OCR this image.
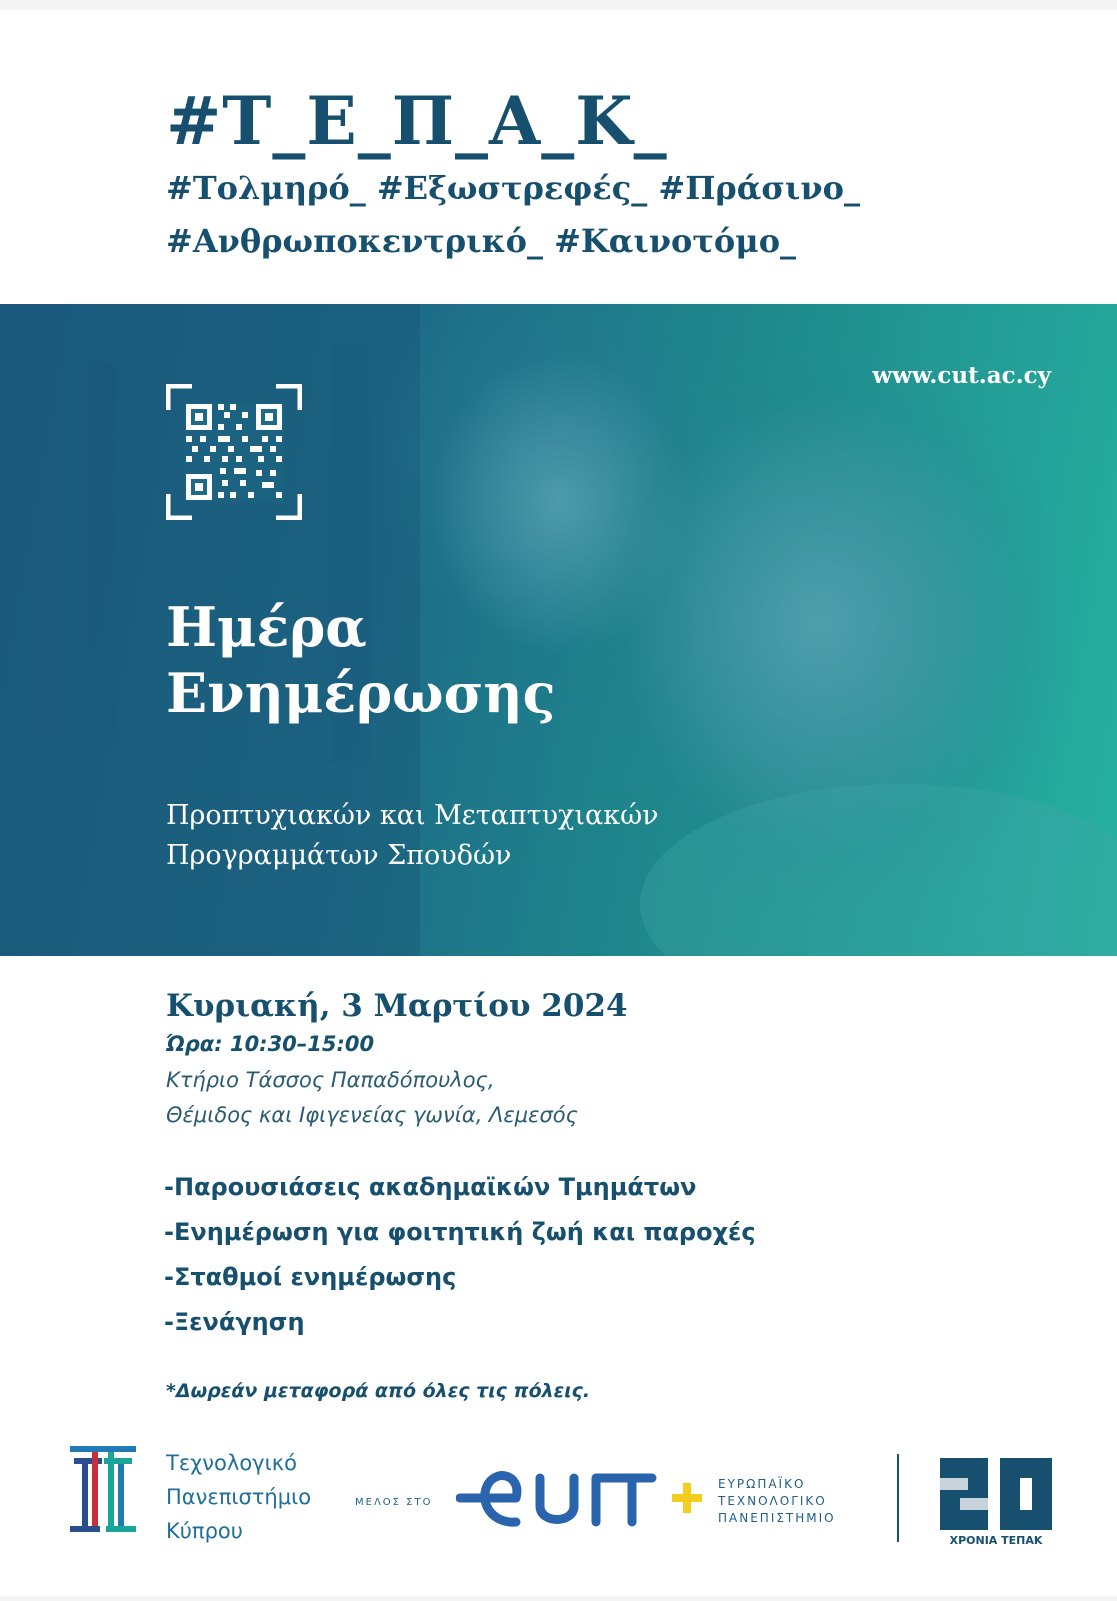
#Τ_Ε_Π_Α_Κ_
#Τολμηρό_ #Εξωστρεφές_ #Πράσινο_
#Ανθρωποκεντρικό_ #Καινοτόμο_
www.cut.ac.cy
Ημέρα
Ενημέρωσης
Προπτυχιακών και Μεταπτυχιακών
Προγραμμάτων Σπουδών
Κυριακή, 3 Μαρτίου 2024
Ώρα: 10:30–15:00
Κτήριο Τάσσος Παπαδόπουλος,
Θέμιδος και Ιφιγενείας γωνία, Λεμεσός
-Παρουσιάσεις ακαδημαϊκών Τμημάτων
-Ενημέρωση για φοιτητική ζωή και παροχές
-Σταθμοί ενημέρωσης
-Ξενάγηση
*Δωρεάν μεταφορά από όλες τις πόλεις.
Τεχνολογικό
Πανεπιστήμιο
Κύπρου
ΜΕΛΟΣ ΣΤΟ
ΕΥΡΩΠΑΪΚΟ
ΤΕΧΝΟΛΟΓΙΚΟ
ΠΑΝΕΠΙΣΤΗΜΙΟ
ΧΡΟΝΙΑ ΤΕΠΑΚ
